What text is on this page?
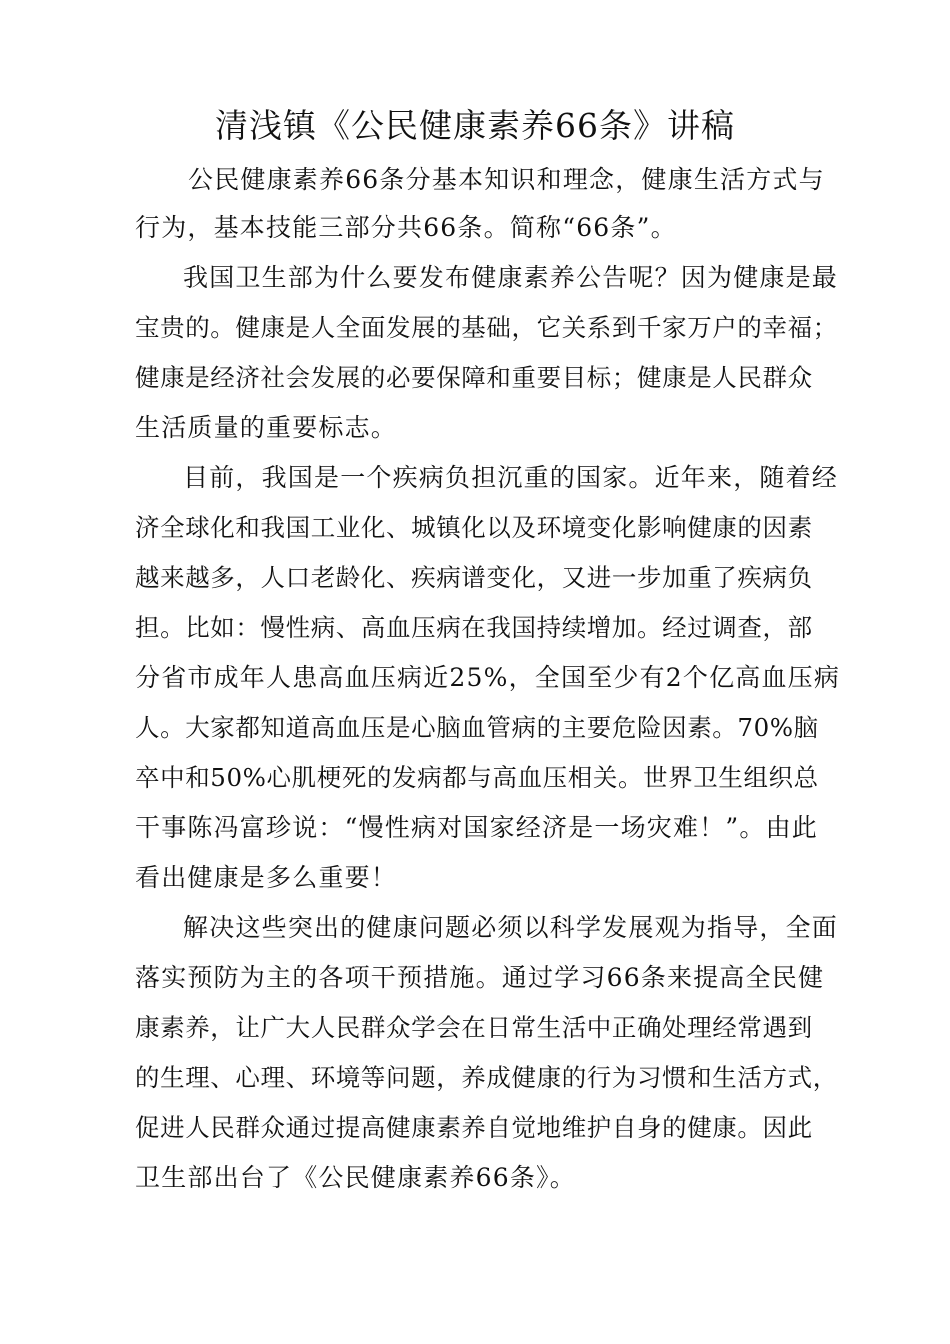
清浅镇《公民健康素养66条》讲稿
公民健康素养66条分基本知识和理念，健康生活方式与
行为，基本技能三部分共66条。简称“66条”。
我国卫生部为什么要发布健康素养公告呢？因为健康是最
宝贵的。健康是人全面发展的基础，它关系到千家万户的幸福；
健康是经济社会发展的必要保障和重要目标；健康是人民群众
生活质量的重要标志。
目前，我国是一个疾病负担沉重的国家。近年来，随着经
济全球化和我国工业化、城镇化以及环境变化影响健康的因素
越来越多，人口老龄化、疾病谱变化，又进一步加重了疾病负
担。比如：慢性病、高血压病在我国持续增加。经过调查，部
分省市成年人患高血压病近25%，全国至少有2个亿高血压病
人。大家都知道高血压是心脑血管病的主要危险因素。70%脑
卒中和50%心肌梗死的发病都与高血压相关。世界卫生组织总
干事陈冯富珍说：“慢性病对国家经济是一场灾难！”。由此
看出健康是多么重要！
解决这些突出的健康问题必须以科学发展观为指导，全面
落实预防为主的各项干预措施。通过学习66条来提高全民健
康素养，让广大人民群众学会在日常生活中正确处理经常遇到
的生理、心理、环境等问题，养成健康的行为习惯和生活方式，
促进人民群众通过提高健康素养自觉地维护自身的健康。因此
卫生部出台了《公民健康素养66条》。
